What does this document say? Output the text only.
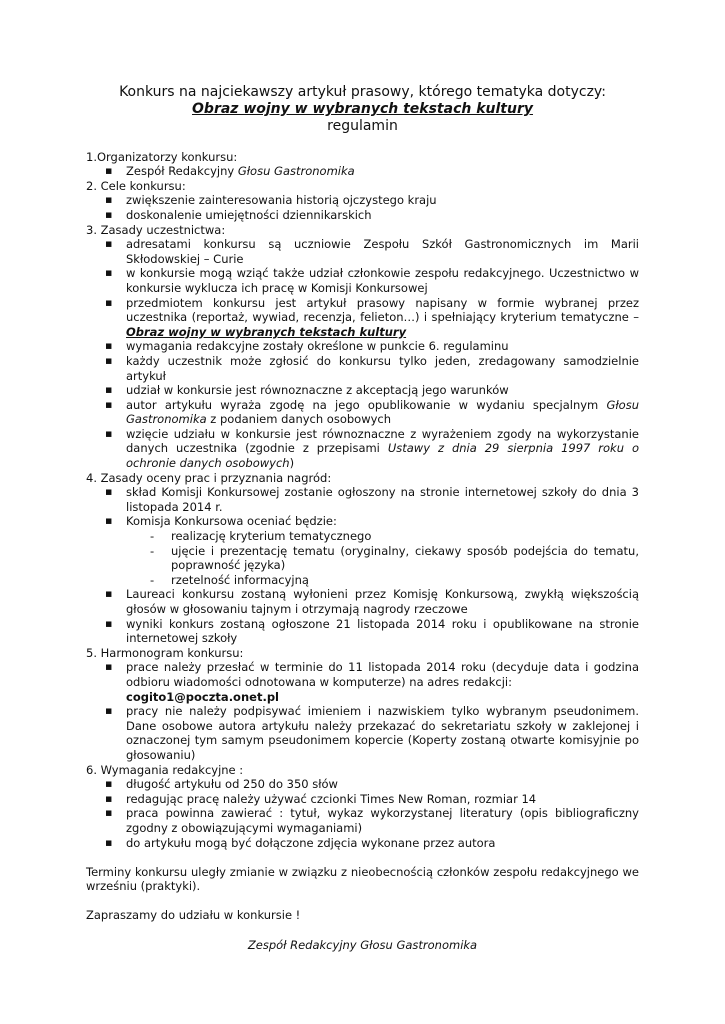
Konkurs na najciekawszy artykuł prasowy, którego tematyka dotyczy:
Obraz wojny w wybranych tekstach kultury
regulamin
1.Organizatorzy konkursu:
▪ Zespół Redakcyjny Głosu Gastronomika
2. Cele konkursu:
▪ zwiększenie zainteresowania historią ojczystego kraju
▪ doskonalenie umiejętności dziennikarskich
3. Zasady uczestnictwa:
▪ adresatami konkursu są uczniowie Zespołu Szkół Gastronomicznych im Marii Skłodowskiej – Curie
▪ w konkursie mogą wziąć także udział członkowie zespołu redakcyjnego. Uczestnictwo w konkursie wyklucza ich pracę w Komisji Konkursowej
▪ przedmiotem konkursu jest artykuł prasowy napisany w formie wybranej przez uczestnika (reportaż, wywiad, recenzja, felieton…) i spełniający kryterium tematyczne – Obraz wojny w wybranych tekstach kultury
▪ wymagania redakcyjne zostały określone w punkcie 6. regulaminu
▪ każdy uczestnik może zgłosić do konkursu tylko jeden, zredagowany samodzielnie artykuł
▪ udział w konkursie jest równoznaczne z akceptacją jego warunków
▪ autor artykułu wyraża zgodę na jego opublikowanie w wydaniu specjalnym Głosu Gastronomika z podaniem danych osobowych
▪ wzięcie udziału w konkursie jest równoznaczne z wyrażeniem zgody na wykorzystanie danych uczestnika (zgodnie z przepisami Ustawy z dnia 29 sierpnia 1997 roku o ochronie danych osobowych)
4. Zasady oceny prac i przyznania nagród:
▪ skład Komisji Konkursowej zostanie ogłoszony na stronie internetowej szkoły do dnia 3 listopada 2014 r.
▪ Komisja Konkursowa oceniać będzie:
- realizację kryterium tematycznego
- ujęcie i prezentację tematu (oryginalny, ciekawy sposób podejścia do tematu, poprawność języka)
- rzetelność informacyjną
▪ Laureaci konkursu zostaną wyłonieni przez Komisję Konkursową, zwykłą większością głosów w głosowaniu tajnym i otrzymają nagrody rzeczowe
▪ wyniki konkurs zostaną ogłoszone 21 listopada 2014 roku i opublikowane na stronie internetowej szkoły
5. Harmonogram konkursu:
▪ prace należy przesłać w terminie do 11 listopada 2014 roku (decyduje data i godzina odbioru wiadomości odnotowana w komputerze) na adres redakcji:
cogito1@poczta.onet.pl
▪ pracy nie należy podpisywać imieniem i nazwiskiem tylko wybranym pseudonimem. Dane osobowe autora artykułu należy przekazać do sekretariatu szkoły w zaklejonej i oznaczonej tym samym pseudonimem kopercie (Koperty zostaną otwarte komisyjnie po głosowaniu)
6. Wymagania redakcyjne :
▪ długość artykułu od 250 do 350 słów
▪ redagując pracę należy używać czcionki Times New Roman, rozmiar 14
▪ praca powinna zawierać : tytuł, wykaz wykorzystanej literatury (opis bibliograficzny zgodny z obowiązującymi wymaganiami)
▪ do artykułu mogą być dołączone zdjęcia wykonane przez autora

Terminy konkursu uległy zmianie w związku z nieobecnością członków zespołu redakcyjnego we wrześniu (praktyki).

Zapraszamy do udziału w konkursie !

Zespół Redakcyjny Głosu Gastronomika
